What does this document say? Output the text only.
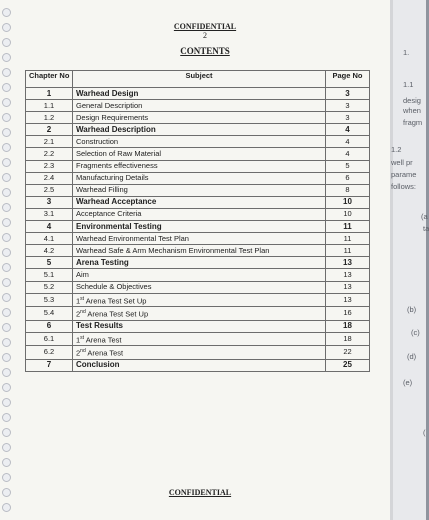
CONFIDENTIAL
2
CONTENTS
Chapter No	Subject	Page No
1	Warhead Design	3
1.1	General Description	3
1.2	Design Requirements	3
2	Warhead Description	4
2.1	Construction	4
2.2	Selection of Raw Material	4
2.3	Fragments effectiveness	5
2.4	Manufacturing Details	6
2.5	Warhead Filling	8
3	Warhead Acceptance	10
3.1	Acceptance Criteria	10
4	Environmental Testing	11
4.1	Warhead Environmental Test Plan	11
4.2	Warhead Safe & Arm Mechanism Environmental Test Plan	11
5	Arena Testing	13
5.1	Aim	13
5.2	Schedule & Objectives	13
5.3	1st Arena Test Set Up	13
5.4	2nd Arena Test Set Up	16
6	Test Results	18
6.1	1st Arena Test	18
6.2	2nd Arena Test	22
7	Conclusion	25
CONFIDENTIAL
1.
1.1
desig
when
fragm
1.2
well pr
parame
follows:
(a
ta
(b)
(c)
(d)
(e)
(
